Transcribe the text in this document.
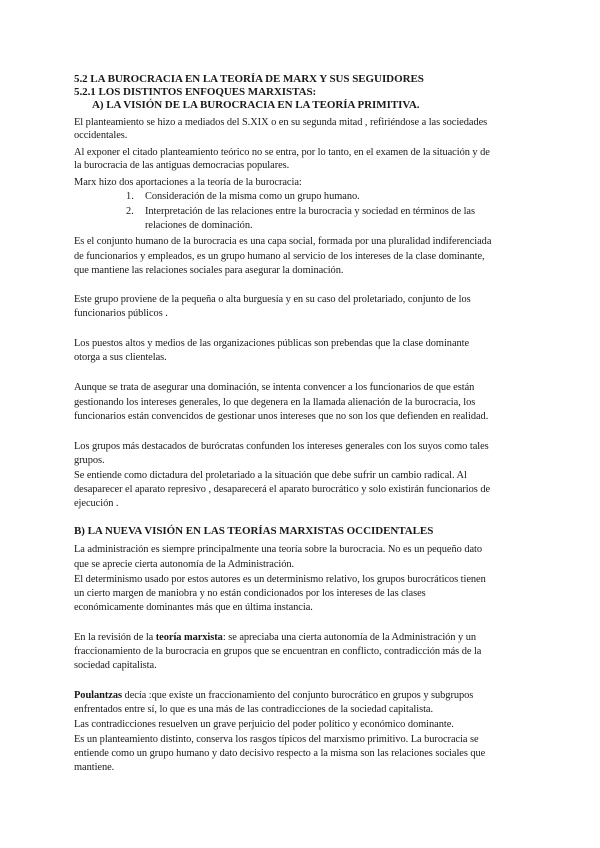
5.2 LA BUROCRACIA EN LA TEORÍA DE MARX Y SUS SEGUIDORES
5.2.1 LOS DISTINTOS ENFOQUES MARXISTAS:
A) LA VISIÓN DE LA BUROCRACIA EN LA TEORÍA PRIMITIVA.
El planteamiento se hizo a mediados del S.XIX o en su segunda mitad , refiriéndose a las sociedades
occidentales.
Al exponer el citado planteamiento teórico no se entra, por lo tanto, en el examen de la situación y de
la burocracia de las antiguas democracias populares.
Marx hizo dos aportaciones a la teoría de la burocracia:
1. Consideración de la misma como un grupo humano.
2. Interpretación de las relaciones entre la burocracia y sociedad en términos de las
relaciones de dominación.
Es el conjunto humano de la burocracia es una capa social, formada por una pluralidad indiferenciada
de funcionarios y empleados, es un grupo humano al servicio de los intereses de la clase dominante,
que mantiene las relaciones sociales para asegurar la dominación.
Este grupo proviene de la pequeña o alta burguesía y en su caso del proletariado, conjunto de los
funcionarios públicos .
Los puestos altos y medios de las organizaciones públicas son prebendas que la clase dominante
otorga a sus clientelas.
Aunque se trata de asegurar una dominación, se intenta convencer a los funcionarios de que están
gestionando los intereses generales, lo que degenera en la llamada alienación de la burocracia, los
funcionarios están convencidos de gestionar unos intereses que no son los que defienden en realidad.
Los grupos más destacados de burócratas confunden los intereses generales con los suyos como tales
grupos.
Se entiende como dictadura del proletariado a la situación que debe sufrir un cambio radical. Al
desaparecer el aparato represivo , desaparecerá el aparato burocrático y solo existirán funcionarios de
ejecución .
B) LA NUEVA VISIÓN EN LAS TEORÍAS MARXISTAS OCCIDENTALES
La administración es siempre principalmente una teoría sobre la burocracia. No es un pequeño dato
que se aprecie cierta autonomía de la Administración.
El determinismo usado por estos autores es un determinismo relativo, los grupos burocráticos tienen
un cierto margen de maniobra y no están condicionados por los intereses de las clases
económicamente dominantes más que en última instancia.
En la revisión de la teoría marxista: se apreciaba una cierta autonomía de la Administración y un
fraccionamiento de la burocracia en grupos que se encuentran en conflicto, contradicción más de la
sociedad capitalista.
Poulantzas decía :que existe un fraccionamiento del conjunto burocrático en grupos y subgrupos
enfrentados entre sí, lo que es una más de las contradicciones de la sociedad capitalista.
Las contradicciones resuelven un grave perjuicio del poder político y económico dominante.
Es un planteamiento distinto, conserva los rasgos típicos del marxismo primitivo. La burocracia se
entiende como un grupo humano y dato decisivo respecto a la misma son las relaciones sociales que
mantiene.
